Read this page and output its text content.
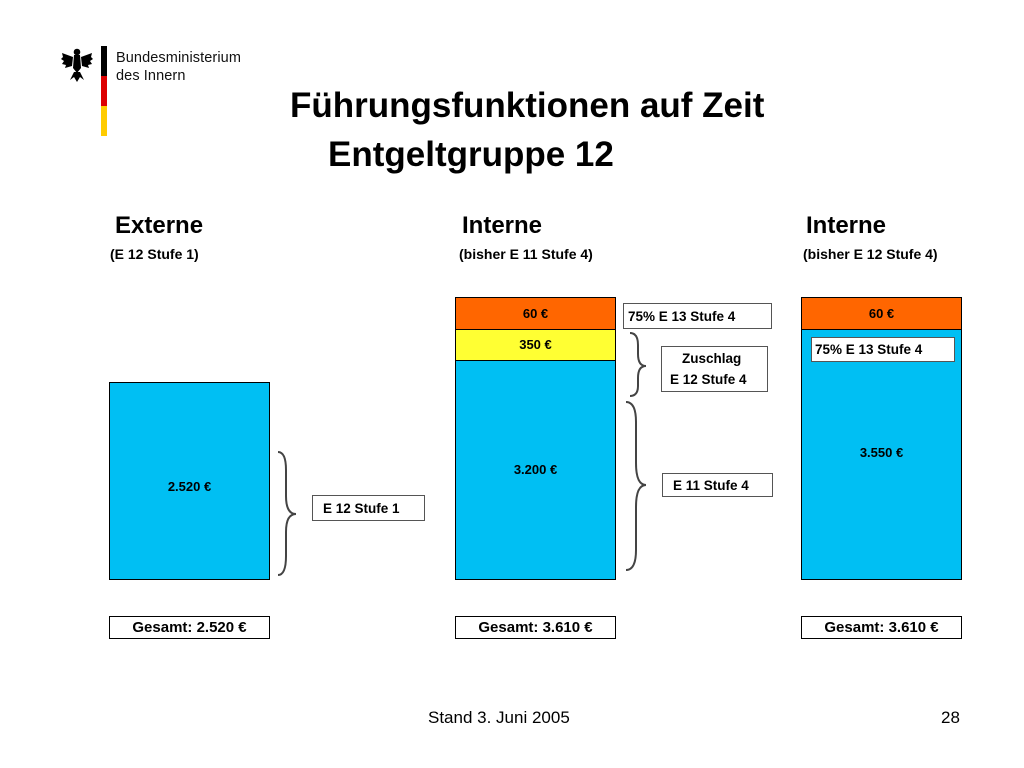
Bundesministerium
des Innern
Führungsfunktionen auf Zeit
Entgeltgruppe 12
Externe
(E 12 Stufe 1)
Interne
(bisher E 11 Stufe 4)
Interne
(bisher E 12 Stufe 4)
2.520 €
3.200 €
350 €
60 €
3.550 €
60 €
E 12 Stufe 1
75% E 13 Stufe 4
Zuschlag
E 12 Stufe 4
E 11 Stufe 4
75% E 13 Stufe 4
Gesamt: 2.520 €	Gesamt: 3.610 €	Gesamt: 3.610 €
Stand 3. Juni 2005	28
